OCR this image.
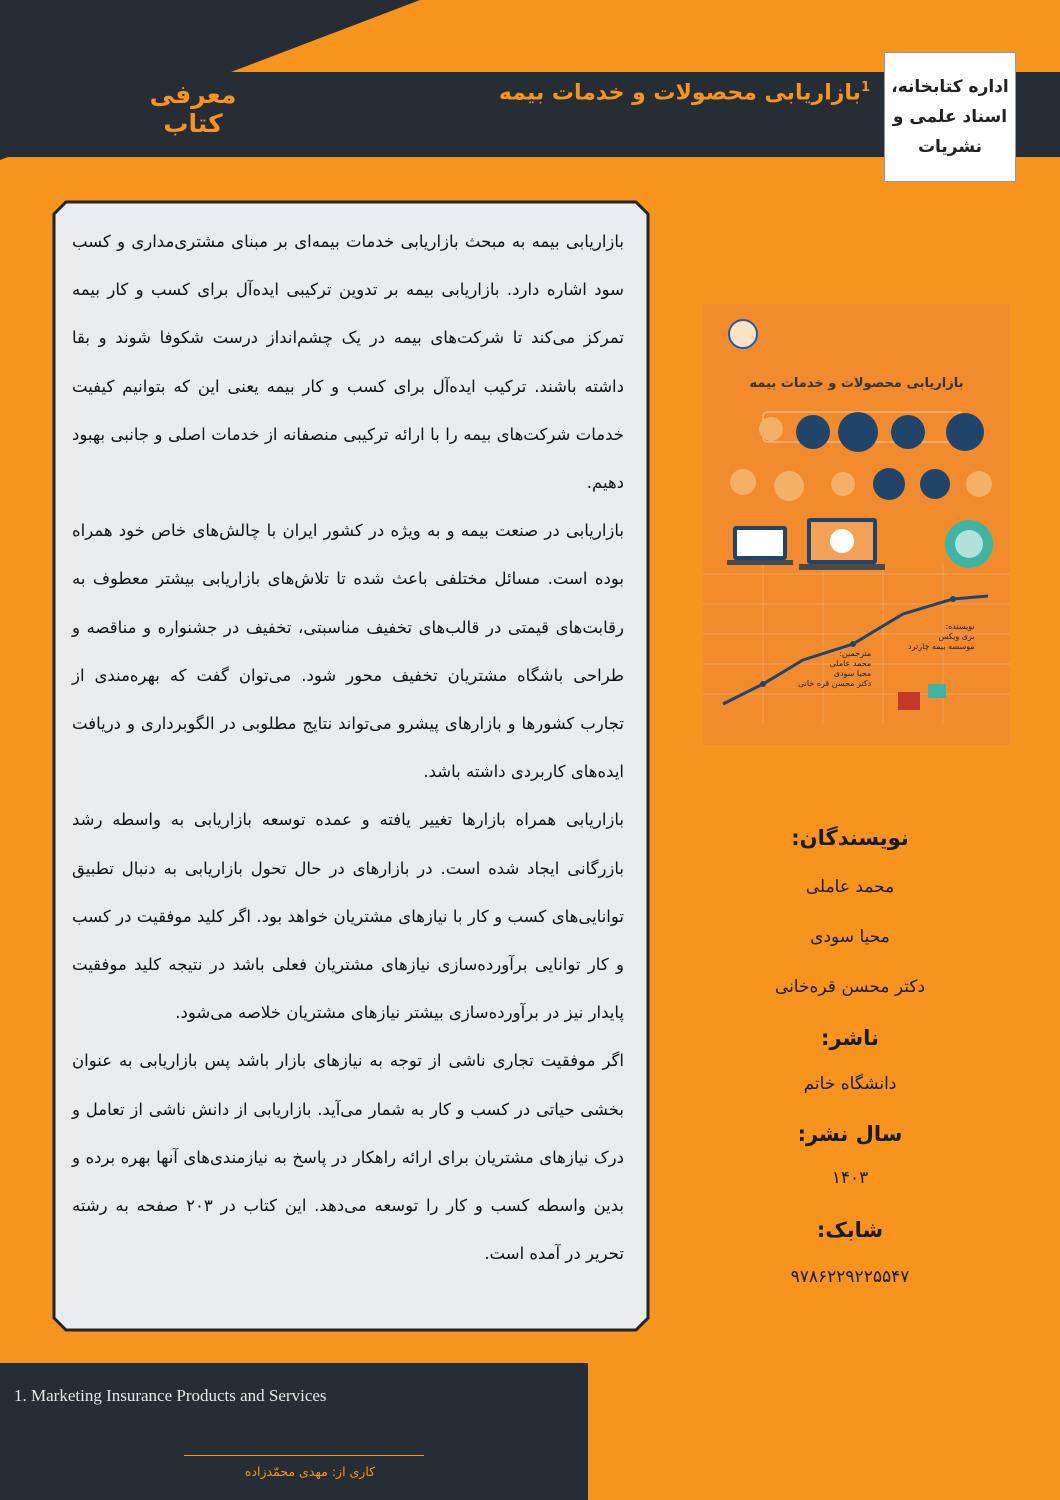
معرفی کتاب
$^1$بازاریابی محصولات و خدمات بیمه	اداره کتابخانه،
اسناد علمی و
نشریات

بازاریابی بیمه به مبحث بازاریابی خدمات بیمه‌ای بر مبنای مشتری‌مداری و کسب سود اشاره دارد. بازاریابی بیمه بر تدوین ترکیبی ایده‌آل برای کسب و کار بیمه تمرکز می‌کند تا شرکت‌های بیمه در یک چشم‌انداز درست شکوفا شوند و بقا داشته باشند. ترکیب ایده‌آل برای کسب و کار بیمه یعنی این که بتوانیم کیفیت خدمات شرکت‌های بیمه را با ارائه ترکیبی منصفانه از خدمات اصلی و جانبی بهبود دهیم.

بازاریابی در صنعت بیمه و به ویژه در کشور ایران با چالش‌های خاص خود همراه بوده است. مسائل مختلفی باعث شده تا تلاش‌های بازاریابی بیشتر معطوف به رقابت‌های قیمتی در قالب‌های تخفیف مناسبتی، تخفیف در جشنواره و مناقصه و طراحی باشگاه مشتریان تخفیف محور شود. می‌توان گفت که بهره‌مندی از تجارب کشورها و بازارهای پیشرو می‌تواند نتایج مطلوبی در الگوبرداری و دریافت ایده‌های کاربردی داشته باشد.

بازاریابی همراه بازارها تغییر یافته و عمده توسعه بازاریابی به واسطه رشد بازرگانی ایجاد شده است. در بازارهای در حال تحول بازاریابی به دنبال تطبیق توانایی‌های کسب و کار با نیازهای مشتریان خواهد بود. اگر کلید موفقیت در کسب و کار توانایی برآورده‌سازی نیازهای مشتریان فعلی باشد در نتیجه کلید موفقیت پایدار نیز در برآورده‌سازی بیشتر نیازهای مشتریان خلاصه می‌شود.

اگر موفقیت تجاری ناشی از توجه به نیازهای بازار باشد پس بازاریابی به عنوان بخشی حیاتی در کسب و کار به شمار می‌آید. بازاریابی از دانش ناشی از تعامل و درک نیازهای مشتریان برای ارائه راهکار در پاسخ به نیازمندی‌های آنها بهره برده و بدین واسطه کسب و کار را توسعه می‌دهد. این کتاب در ۲۰۳ صفحه به رشته تحریر در آمده است.

بازاریابی محصولات و خدمات بیمه
نویسنده:
بری ویکس
موسسه بیمه چارترد
مترجمین:
محمد عاملی
محیا سودی
دکتر محسن قره خانی
نویسندگان:
محمد عاملی
محیا سودی
دکتر محسن قره‌خانی
ناشر:
دانشگاه خاتم
سال نشر:
۱۴۰۳
شابک:
۹۷۸۶۲۲۹۲۲۵۵۴۷
1. Marketing Insurance Products and Services
کاری از: مهدی محمّدزاده
